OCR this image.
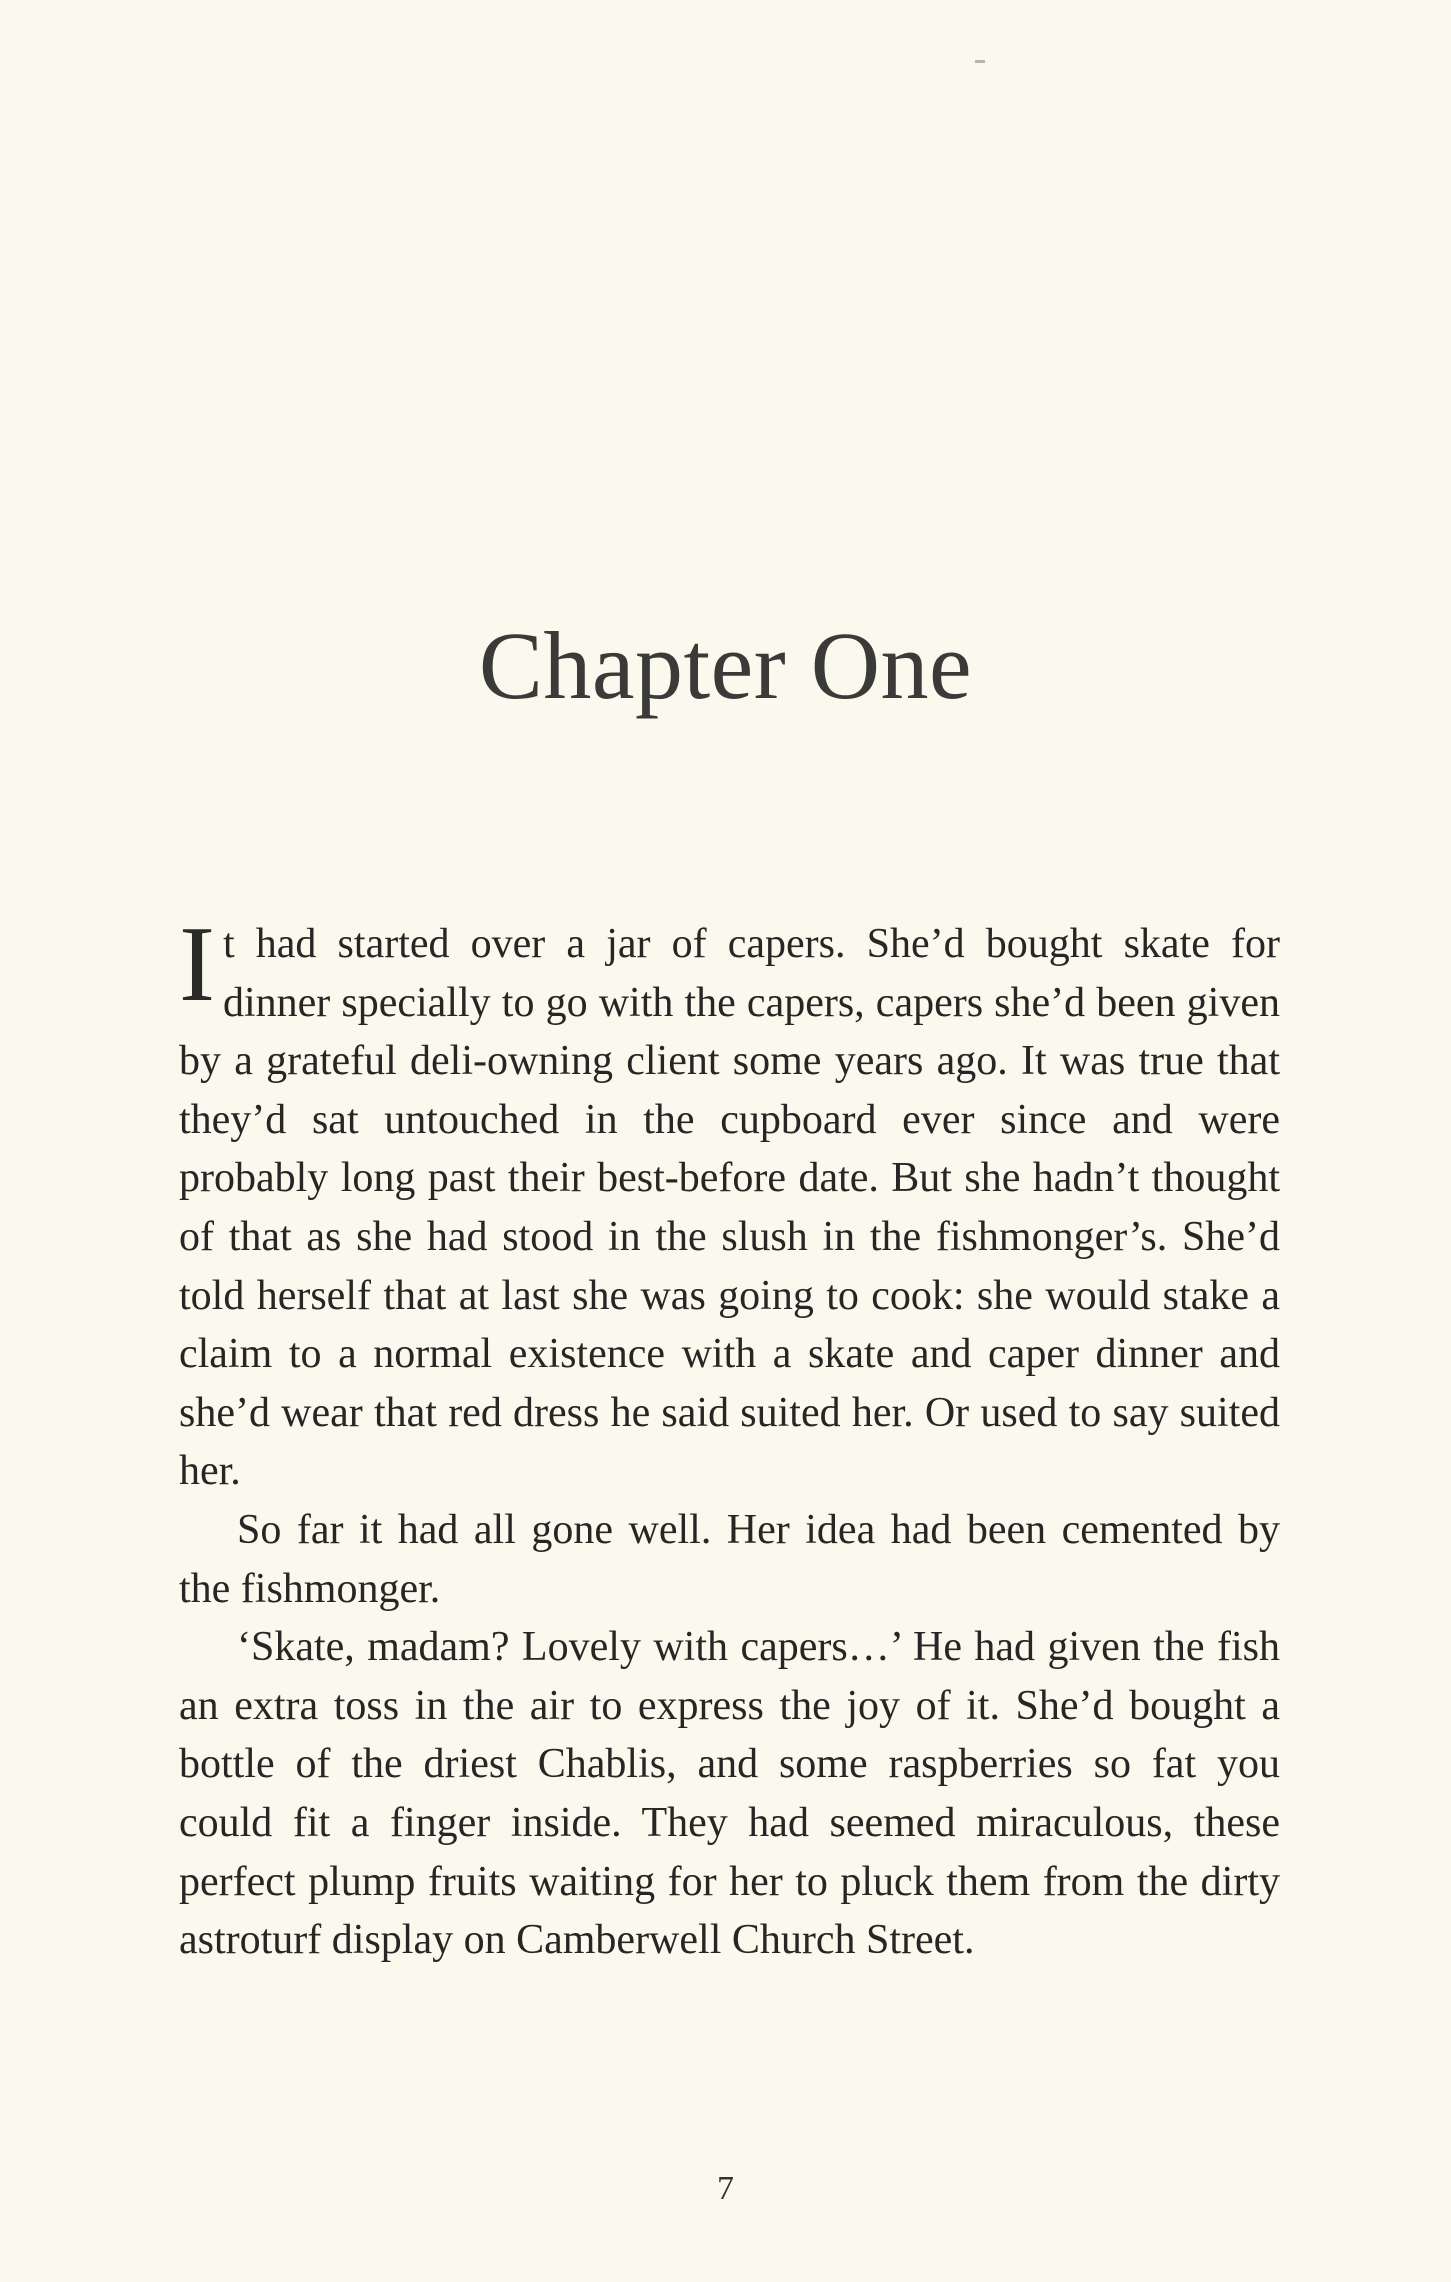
Chapter One

It had started over a jar of capers. She’d bought skate for dinner specially to go with the capers, capers she’d been given by a grateful deli-owning client some years ago. It was true that they’d sat untouched in the cupboard ever since and were probably long past their best-before date. But she hadn’t thought of that as she had stood in the slush in the fishmonger’s. She’d told herself that at last she was going to cook: she would stake a claim to a normal existence with a skate and caper dinner and she’d wear that red dress he said suited her. Or used to say suited her.

So far it had all gone well. Her idea had been cemented by the fishmonger.

‘Skate, madam? Lovely with capers…’ He had given the fish an extra toss in the air to express the joy of it. She’d bought a bottle of the driest Chablis, and some raspberries so fat you could fit a finger inside. They had seemed miraculous, these perfect plump fruits waiting for her to pluck them from the dirty astroturf display on Camberwell Church Street.

7
